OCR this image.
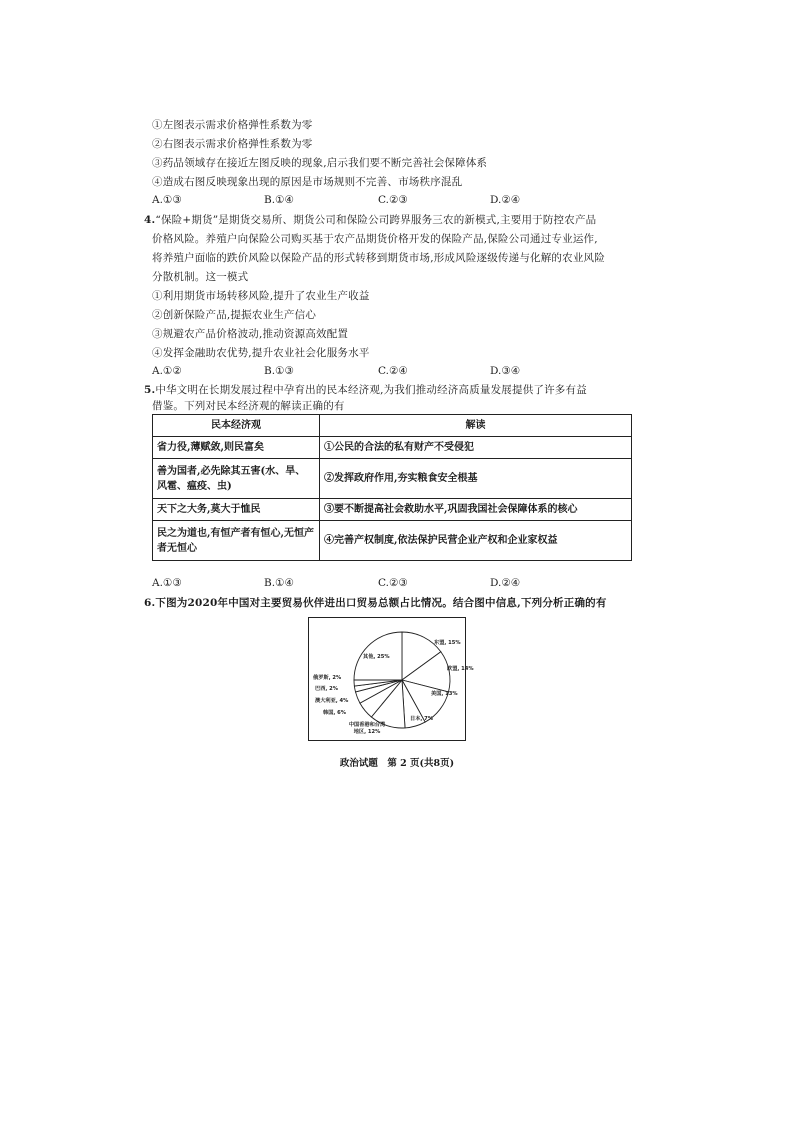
①左图表示需求价格弹性系数为零
②右图表示需求价格弹性系数为零
③药品领域存在接近左图反映的现象,启示我们要不断完善社会保障体系
④造成右图反映现象出现的原因是市场规则不完善、市场秩序混乱
A.①③	B.①④	C.②③	D.②④
4.“保险+期货”是期货交易所、期货公司和保险公司跨界服务三农的新模式,主要用于防控农产品
价格风险。养殖户向保险公司购买基于农产品期货价格开发的保险产品,保险公司通过专业运作,
将养殖户面临的跌价风险以保险产品的形式转移到期货市场,形成风险逐级传递与化解的农业风险
分散机制。这一模式
①利用期货市场转移风险,提升了农业生产收益
②创新保险产品,提振农业生产信心
③规避农产品价格波动,推动资源高效配置
④发挥金融助农优势,提升农业社会化服务水平
A.①②	B.①③	C.②④	D.③④
5.中华文明在长期发展过程中孕育出的民本经济观,为我们推动经济高质量发展提供了许多有益
借鉴。下列对民本经济观的解读正确的有
民本经济观	解读
省力役,薄赋敛,则民富矣	①公民的合法的私有财产不受侵犯
善为国者,必先除其五害(水、旱、风雹、瘟疫、虫)	②发挥政府作用,夯实粮食安全根基
天下之大务,莫大于恤民	③要不断提高社会救助水平,巩固我国社会保障体系的核心
民之为道也,有恒产者有恒心,无恒产者无恒心	④完善产权制度,依法保护民营企业产权和企业家权益
A.①③	B.①④	C.②③	D.②④
6.下图为2020年中国对主要贸易伙伴进出口贸易总额占比情况。结合图中信息,下列分析正确的有
东盟, 15%
欧盟, 14%
美国, 13%
日本, 7%
中国香港和台湾
地区, 12%
韩国, 6%
澳大利亚, 4%
巴西, 2%
俄罗斯, 2%
其他, 25%
政治试题　第 2 页(共8页)
